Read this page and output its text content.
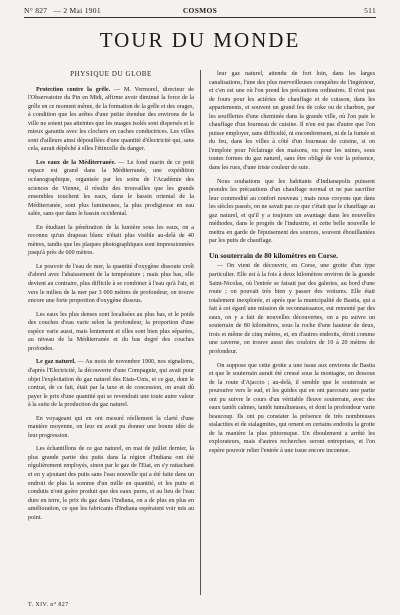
N° 827 — 2 Mai 1901	COSMOS	511
TOUR DU MONDE
PHYSIQUE DU GLOBE

Protection contre la grêle. — M. Vermorel, directeur de l'Observatoire du Pin en Midi, affirme avoir diminué la force de la grêle en ce moment même, de la formation de la grêle et des orages, à condition que les arêtes d'une petite étendue des environs de la ville ne soient pas atteintes que les nuages isolés sont dispersés et le mieux garantis avec les clochers en caches conductrices. Les villes sont d'ailleurs ainsi dépouillées d'une quantité d'électricité qui, sans cela, aurait dépêché à elles l'étincelle du danger.

Les eaux de la Méditerranée. — Le fond marin de ce petit espace est grand dans la Méditerranée, une expédition océanographique, organisée par les soins de l'Académie des sciences de Vienne, il résulte des trouvailles que les grands ensembles touchent les eaux, dans le bassin oriental de la Méditerranée, sont plus lumineuses, la plus prodigieuse en eau salée, sans que dans le bassin occidental.

En étudiant la pénétration de la lumière sous les eaux, on a reconnu qu'un drapeau blanc n'était plus visible au-delà de 40 mètres, tandis que les plaques photographiques sont impressionnées jusqu'à près de 600 mètres.

Le pouvoir de l'eau de mer, la quantité d'oxygène dissoute croît d'abord avec l'abaissement de la température ; mais plus bas, elle devient au contraire, plus difficile à se combiner à l'eau qu'à l'air, et vers le milieu de la mer par 3 000 mètres de profondeur, on trouve encore une forte proportion d'oxygène dissous.

Les eaux les plus denses sont localisées au plus bas, et le poids des couches d'eau varie selon la profondeur, la proportion d'une espèce varie aussi, mais lentement et elles sont bien plus séparées, au niveau de la Méditerranée et du bas degré des couches profondes.

Le gaz naturel. — Au mois de novembre 1900, nos signalions, d'après l'Electricité, la découverte d'une Compagnie, qui avait pour objet l'exploitation du gaz naturel des Etats-Unis, et ce gaz, dont le contrat, de ce fait, était par la taxe et de concession, on avait dû payer le prix d'une quantité qui se revendrait une toute autre valeur à la suite de la production du gaz naturel.

En voyageant qui en ont mesuré réellement la clarté d'une manière moyenne, on leur en avait pu donner une bonne idée de leur progression.

Les échantillons de ce gaz naturel, en mai de juillet dernier, la plus grande partie des puits dans la région d'Indiana ont été régulièrement employés, sinon par le gaz de l'Etat, en s'y rattachant et en y ajoutant des puits sans l'eau nouvelle qui a été faite dans un endroit de plus la somme d'un mille en quantité, et les puits et conduits n'ont guère produit que des eaux pures, et au lieu de l'eau dure en terre, le prix du gaz dans l'Indiana, on a de plus en plus en amélioration, ce que les fabricants d'Indiana espéraient voir mis au point.

leur gaz naturel, attendu de fort loin, dans les larges canalisations, l'une des plus merveilleuses conquêtes de l'ingénieur, et c'en est une où l'on prend les précautions ordinaires. Il n'est pas de fours pour les aciéries de chauffage et de cuisson, dans les appartements, et souvent un grand feu de coke ou de charbon, par les souffleries d'une cheminée dans la grande ville, où l'on paie le chauffage d'un fourneau de cuisine. Il n'en est pas d'autre que l'on puisse employer, sans difficulté, ni encombrement, ni de la fumée et du feu, dans les villes à côté d'un fourneau de cuisine, si on l'emploie pour l'éclairage des maisons, ou pour les usines, sous toutes formes du gaz naturel, sans être obligé de voir la présence, dans les rues, d'une triste couleur de suie.

Nous souhaitons que les habitants d'Indianapolis puissent prendre les précautions d'un chauffage normal et ne pas sacrifier leur commodité au confort nouveau ; mais nous croyons que dans les siècles passés, on ne savait pas ce que c'était que le chauffage au gaz naturel, et qu'il y a toujours un avantage dans les nouvelles méthodes, dans le progrès de l'industrie, et cette belle nouvelle le mettra en garde de l'épuisement des sources, souvent ébouillantées par les puits de chauffage.

Un souterrain de 80 kilomètres en Corse.

— On vient de découvrir, en Corse, une grotte d'un type particulier. Elle est à la fois à deux kilomètres environ de la grande Saint-Nicolas, où l'entrée se faisait par des galeries, au bord d'une route ; on pouvait très bien y passer des voitures. Elle était totalement inexplorée, et après que la municipalité de Bastia, qui a fait à cet égard une mission de reconnaissance, eut remonté par des eaux, on y a fait de nouvelles découvertes, on a pu suivre un souterrain de 80 kilomètres, sous la roche d'une hauteur de deux, trois et même de cinq mètres, et, en d'autres endroits, étroit comme une caverne, on trouve aussi des couloirs de 10 à 20 mètres de profondeur.

On suppose que cette grotte a une issue aux environs de Bastia et que le souterrain aurait été creusé sous la montagne, en dessous de la route d'Ajaccio ; au-delà, il semble que le souterrain se poursuive vers le sud, et les guides qui en ont parcouru une partie ont pu suivre le cours d'un véritable fleuve souterrain, avec des eaux tantôt calmes, tantôt tumultueuses, et dont la profondeur varie beaucoup. Ils ont pu constater la présence de très nombreuses stalactites et de stalagmites, qui ornent en certains endroits la grotte de la manière la plus pittoresque. Un éboulement a arrêté les explorateurs, mais d'autres recherches seront entreprises, et l'on espère pouvoir relier l'entrée à une issue encore inconnue.

T. XIV. n° 827
